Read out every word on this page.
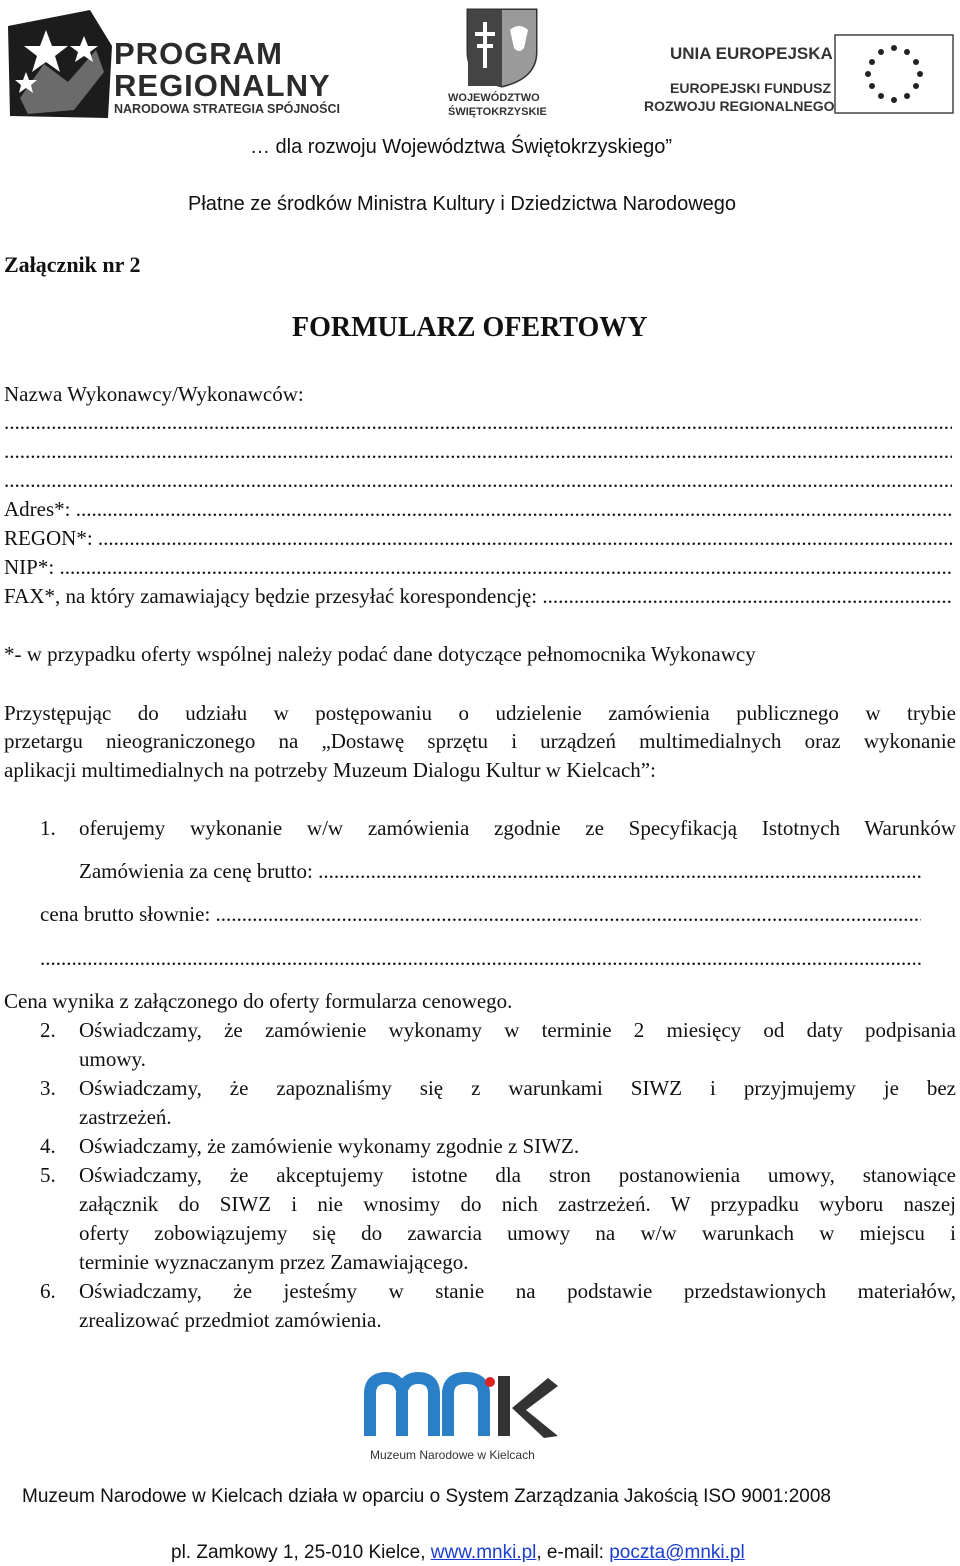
PROGRAM
REGIONALNY
NARODOWA STRATEGIA SPÓJNOŚCI
WOJEWÓDZTWO
ŚWIĘTOKRZYSKIE
UNIA EUROPEJSKA
EUROPEJSKI FUNDUSZ
ROZWOJU REGIONALNEGO
… dla rozwoju Województwa Świętokrzyskiego”
Płatne ze środków Ministra Kultury i Dziedzictwa Narodowego
Załącznik nr 2
FORMULARZ OFERTOWY
Nazwa Wykonawcy/Wykonawców:
.....
.....
.....
Adres*:
.....
REGON*:
.....
NIP*:
.....
FAX*, na który zamawiający będzie przesyłać korespondencję:
.....
*- w przypadku oferty wspólnej należy podać dane dotyczące pełnomocnika Wykonawcy
Przystępując do udziału w postępowaniu o udzielenie zamówienia publicznego w trybie
przetargu nieograniczonego na „Dostawę sprzętu i urządzeń multimedialnych oraz wykonanie
aplikacji multimedialnych na potrzeby Muzeum Dialogu Kultur w Kielcach”:
1. oferujemy wykonanie w/w zamówienia zgodnie ze Specyfikacją Istotnych Warunków
Zamówienia za cenę brutto:
.....
cena brutto słownie:
.....
.....
Cena wynika z załączonego do oferty formularza cenowego.
2. Oświadczamy, że zamówienie wykonamy w terminie 2 miesięcy od daty podpisania
umowy.
3. Oświadczamy, że zapoznaliśmy się z warunkami SIWZ i przyjmujemy je bez
zastrzeżeń.
4. Oświadczamy, że zamówienie wykonamy zgodnie z SIWZ.
5. Oświadczamy, że akceptujemy istotne dla stron postanowienia umowy, stanowiące
załącznik do SIWZ i nie wnosimy do nich zastrzeżeń. W przypadku wyboru naszej
oferty zobowiązujemy się do zawarcia umowy na w/w warunkach w miejscu i
terminie wyznaczanym przez Zamawiającego.
6. Oświadczamy, że jesteśmy w stanie na podstawie przedstawionych materiałów,
zrealizować przedmiot zamówienia.
Muzeum Narodowe w Kielcach
Muzeum Narodowe w Kielcach działa w oparciu o System Zarządzania Jakością ISO 9001:2008
pl. Zamkowy 1, 25-010 Kielce, www.mnki.pl, e-mail: poczta@mnki.pl
